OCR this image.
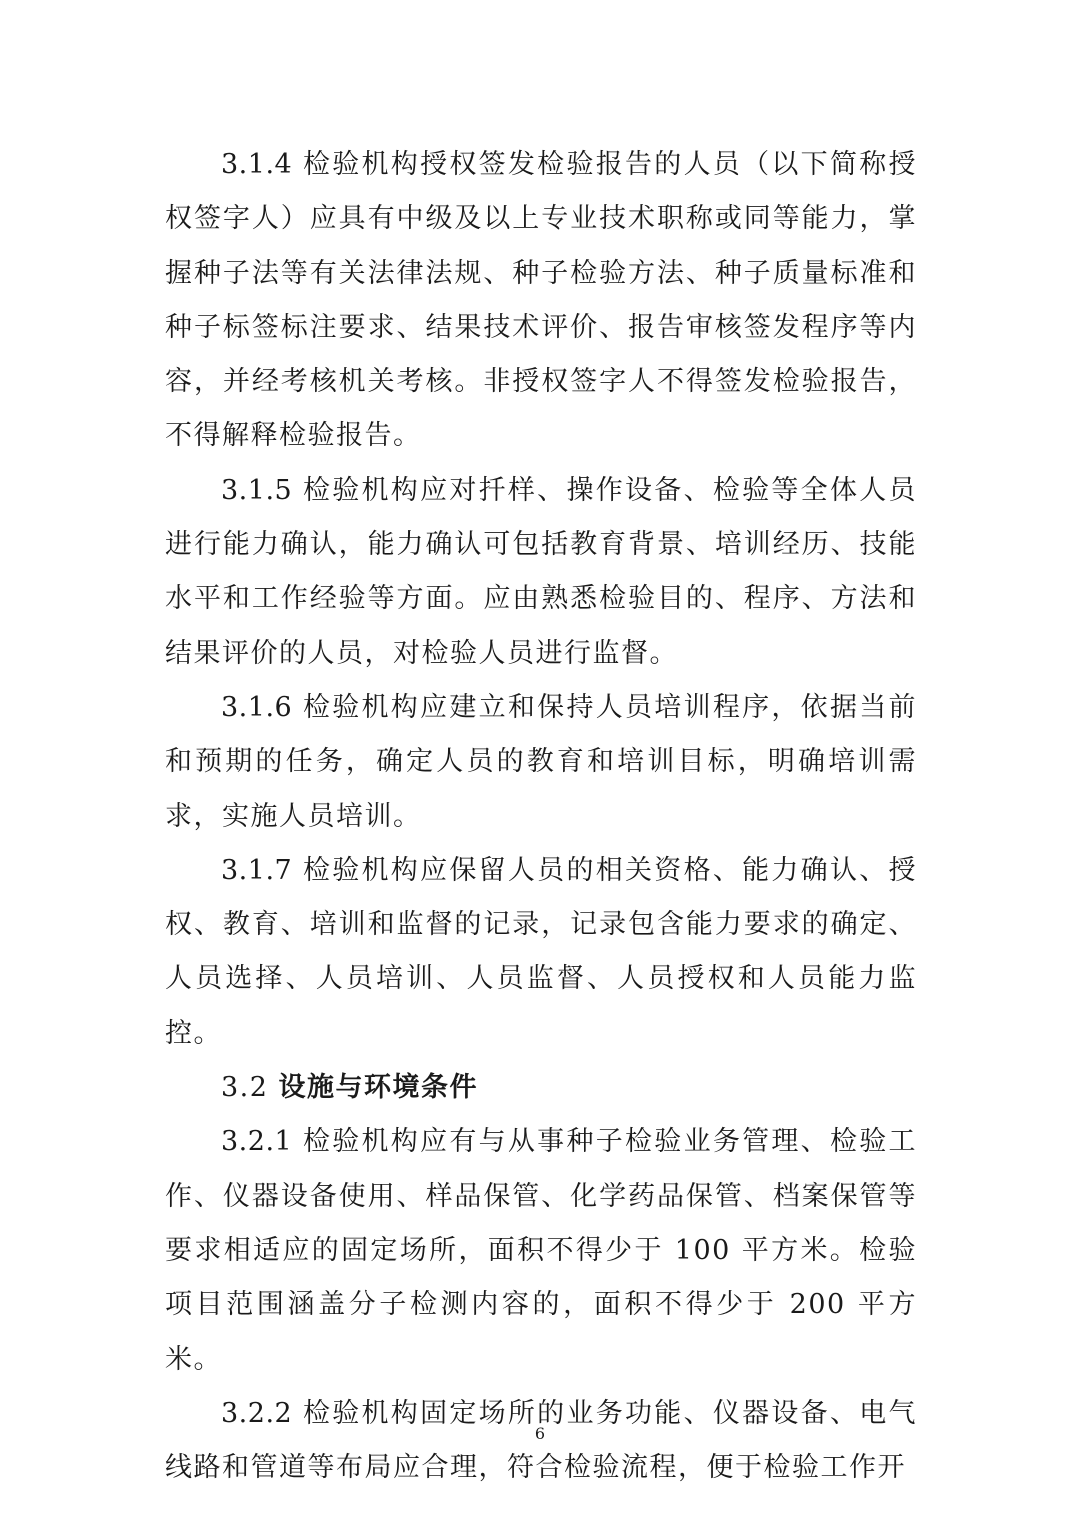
3.1.4 检验机构授权签发检验报告的人员（以下简称授权签字人）应具有中级及以上专业技术职称或同等能力，掌握种子法等有关法律法规、种子检验方法、种子质量标准和种子标签标注要求、结果技术评价、报告审核签发程序等内容，并经考核机关考核。非授权签字人不得签发检验报告，不得解释检验报告。

3.1.5 检验机构应对扦样、操作设备、检验等全体人员进行能力确认，能力确认可包括教育背景、培训经历、技能水平和工作经验等方面。应由熟悉检验目的、程序、方法和结果评价的人员，对检验人员进行监督。

3.1.6 检验机构应建立和保持人员培训程序，依据当前和预期的任务，确定人员的教育和培训目标，明确培训需求，实施人员培训。

3.1.7 检验机构应保留人员的相关资格、能力确认、授权、教育、培训和监督的记录，记录包含能力要求的确定、人员选择、人员培训、人员监督、人员授权和人员能力监控。

3.2 设施与环境条件

3.2.1 检验机构应有与从事种子检验业务管理、检验工作、仪器设备使用、样品保管、化学药品保管、档案保管等要求相适应的固定场所，面积不得少于 100 平方米。检验项目范围涵盖分子检测内容的，面积不得少于 200 平方米。

3.2.2 检验机构固定场所的业务功能、仪器设备、电气线路和管道等布局应合理，符合检验流程，便于检验工作开

6
